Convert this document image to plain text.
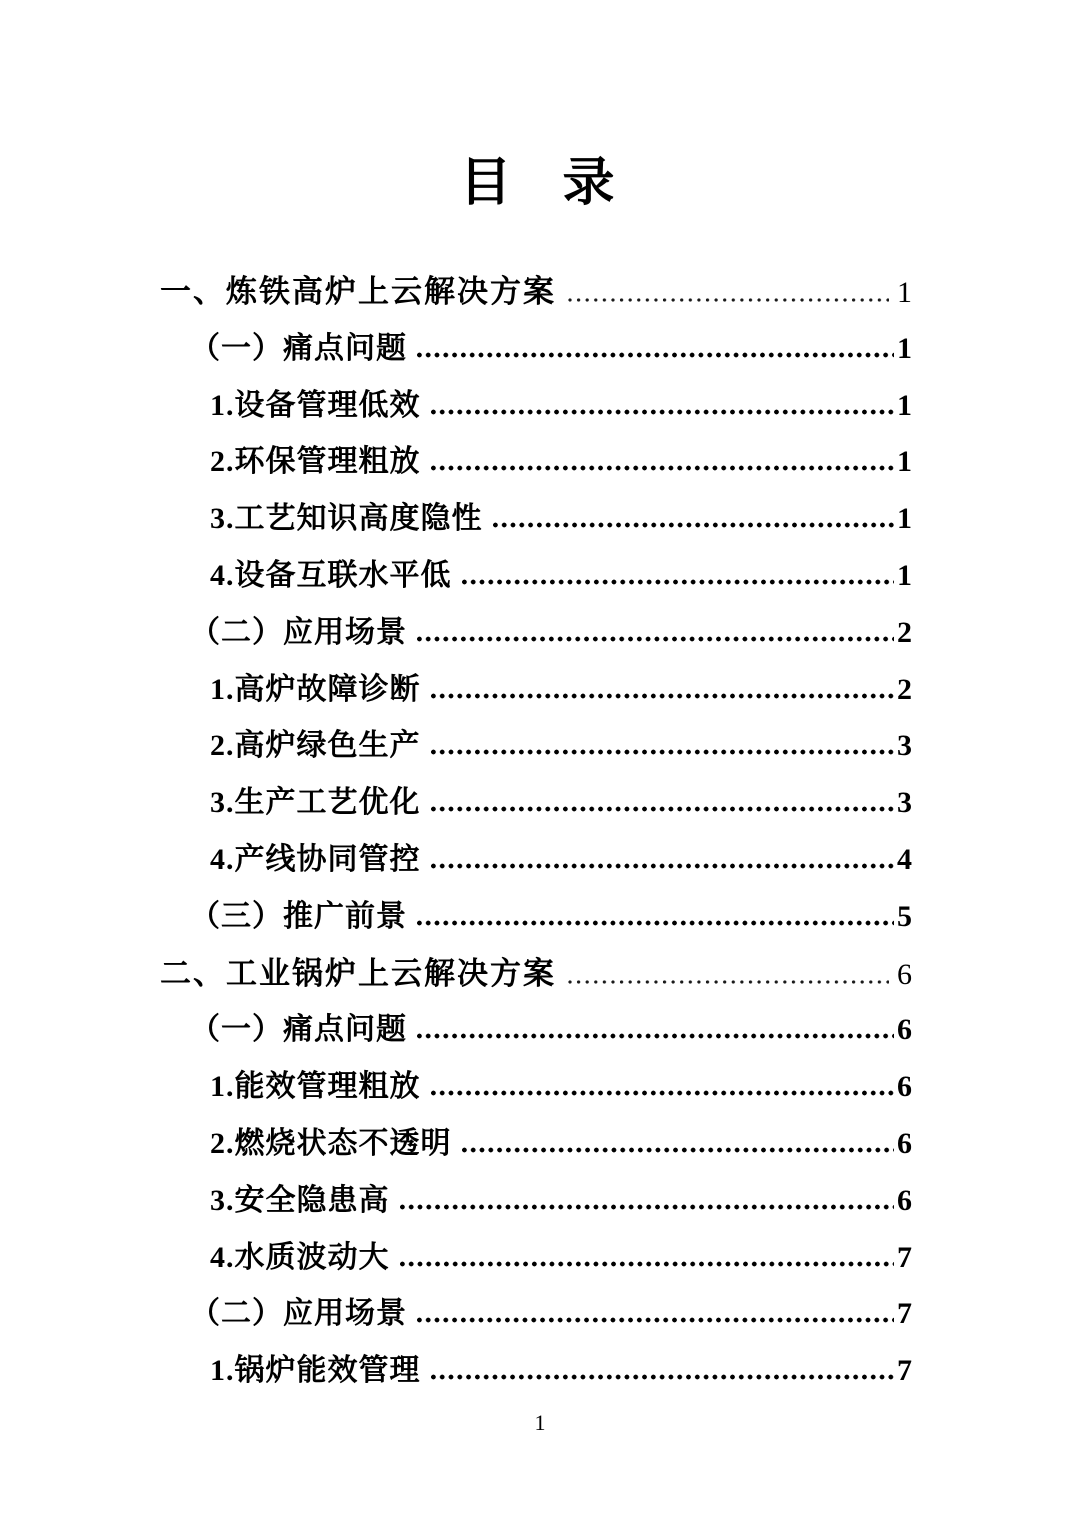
目 录
一、炼铁高炉上云解决方案	1
（一）痛点问题	1
1.设备管理低效	1
2.环保管理粗放	1
3.工艺知识高度隐性	1
4.设备互联水平低	1
（二）应用场景	2
1.高炉故障诊断	2
2.高炉绿色生产	3
3.生产工艺优化	3
4.产线协同管控	4
（三）推广前景	5
二、工业锅炉上云解决方案	6
（一）痛点问题	6
1.能效管理粗放	6
2.燃烧状态不透明	6
3.安全隐患高	6
4.水质波动大	7
（二）应用场景	7
1.锅炉能效管理	7
1
